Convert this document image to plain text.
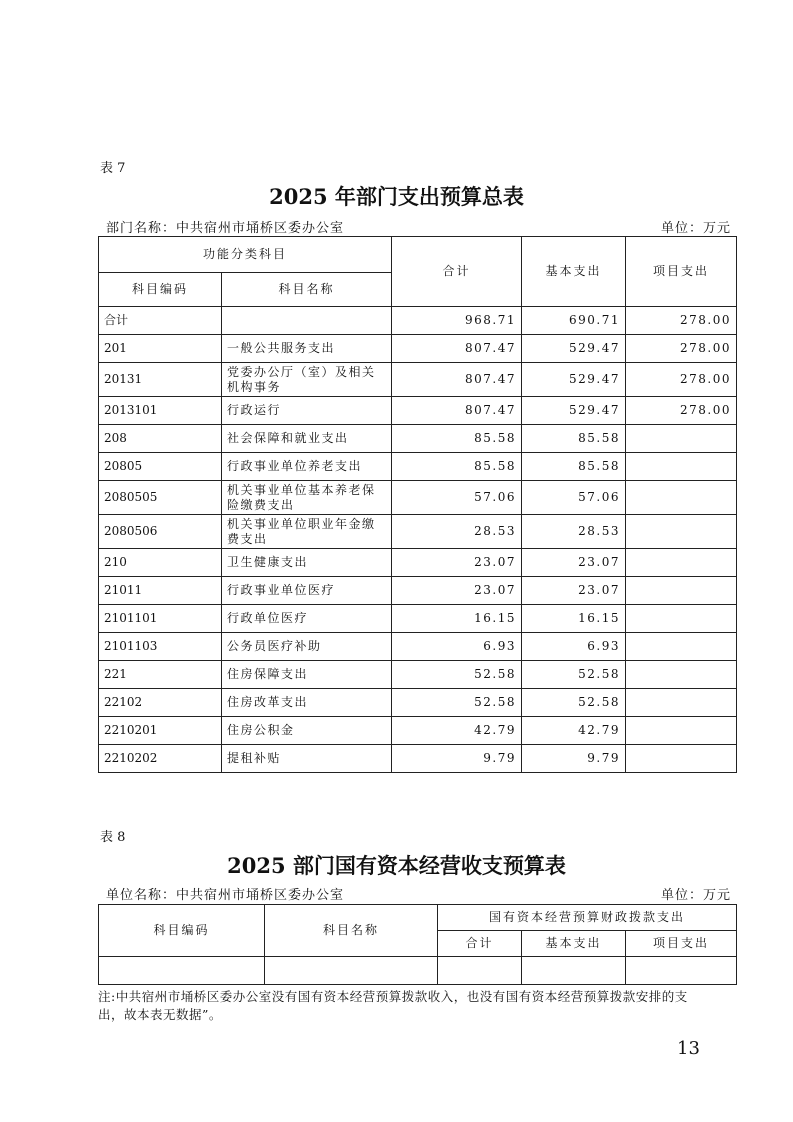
表 7
2025 年部门支出预算总表
部门名称：中共宿州市埇桥区委办公室	单位：万元
功能分类科目		合计	基本支出	项目支出
科目编码	科目名称			
合计		968.71	690.71	278.00
201	一般公共服务支出	807.47	529.47	278.00
20131	党委办公厅（室）及相关机构事务	807.47	529.47	278.00
2013101	行政运行	807.47	529.47	278.00
208	社会保障和就业支出	85.58	85.58	
20805	行政事业单位养老支出	85.58	85.58	
2080505	机关事业单位基本养老保险缴费支出	57.06	57.06	
2080506	机关事业单位职业年金缴费支出	28.53	28.53	
210	卫生健康支出	23.07	23.07	
21011	行政事业单位医疗	23.07	23.07	
2101101	行政单位医疗	16.15	16.15	
2101103	公务员医疗补助	6.93	6.93	
221	住房保障支出	52.58	52.58	
22102	住房改革支出	52.58	52.58	
2210201	住房公积金	42.79	42.79	
2210202	提租补贴	9.79	9.79	
表 8
2025 部门国有资本经营收支预算表
单位名称：中共宿州市埇桥区委办公室	单位：万元
科目编码	科目名称	国有资本经营预算财政拨款支出		
		合计	基本支出	项目支出

注:中共宿州市埇桥区委办公室没有国有资本经营预算拨款收入，也没有国有资本经营预算拨款安排的支出，故本表无数据”。
13
